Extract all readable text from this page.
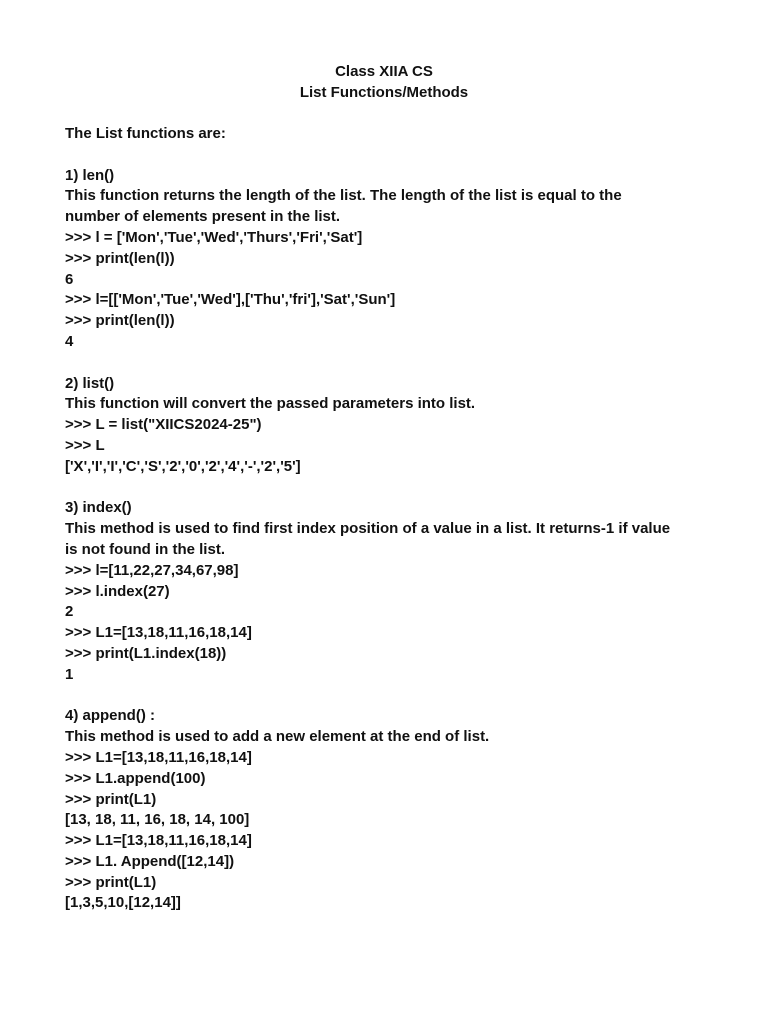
Class XIIA CS
List Functions/Methods
The List functions are:
1) len()
This function returns the length of the list. The length of the list is equal to the
number of elements present in the list.
>>> l = ['Mon','Tue','Wed','Thurs','Fri','Sat']
>>> print(len(l))
6
>>> l=[['Mon','Tue','Wed'],['Thu','fri'],'Sat','Sun']
>>> print(len(l))
4
2) list()
This function will convert the passed parameters into list.
>>> L = list("XIICS2024-25")
>>> L
['X','I','I','C','S','2','0','2','4','-','2','5']
3) index()
This method is used to find first index position of a value in a list. It returns-1 if value
is not found in the list.
>>> l=[11,22,27,34,67,98]
>>> l.index(27)
2
>>> L1=[13,18,11,16,18,14]
>>> print(L1.index(18))
1
4) append() :
This method is used to add a new element at the end of list.
>>> L1=[13,18,11,16,18,14]
>>> L1.append(100)
>>> print(L1)
[13, 18, 11, 16, 18, 14, 100]
>>> L1=[13,18,11,16,18,14]
>>> L1. Append([12,14])
>>> print(L1)
[1,3,5,10,[12,14]]
